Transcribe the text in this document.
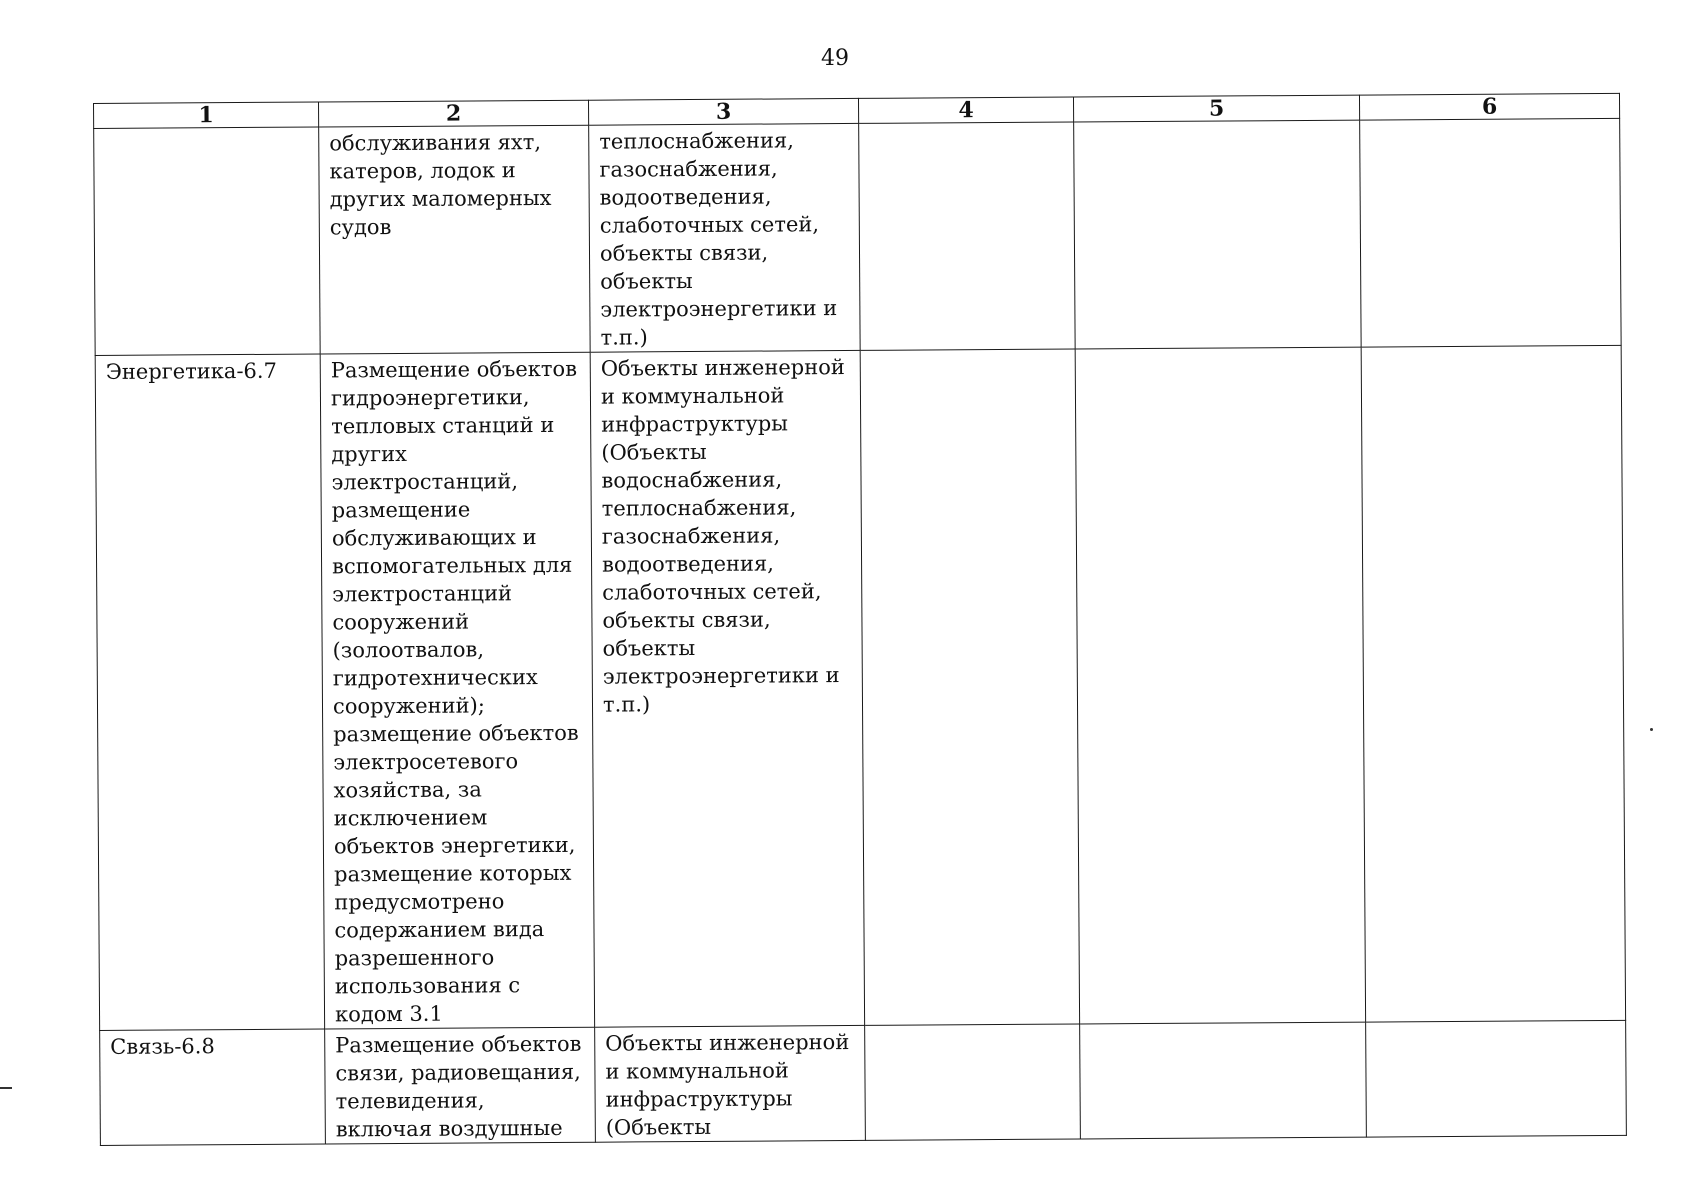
49
1	2	3	4	5	6
	обслуживания яхт, катеров, лодок и других маломерных судов	теплоснабжения, газоснабжения, водоотведения, слаботочных сетей, объекты связи, объекты электроэнергетики и т.п.)			
Энергетика-6.7	Размещение объектов гидроэнергетики, тепловых станций и других электростанций, размещение обслуживающих и вспомогательных для электростанций сооружений (золоотвалов, гидротехнических сооружений); размещение объектов электросетевого хозяйства, за исключением объектов энергетики, размещение которых предусмотрено содержанием вида разрешенного использования с кодом 3.1	Объекты инженерной и коммунальной инфраструктуры (Объекты водоснабжения, теплоснабжения, газоснабжения, водоотведения, слаботочных сетей, объекты связи, объекты электроэнергетики и т.п.)			
Связь-6.8	Размещение объектов связи, радиовещания, телевидения, включая воздушные	Объекты инженерной и коммунальной инфраструктуры (Объекты			
